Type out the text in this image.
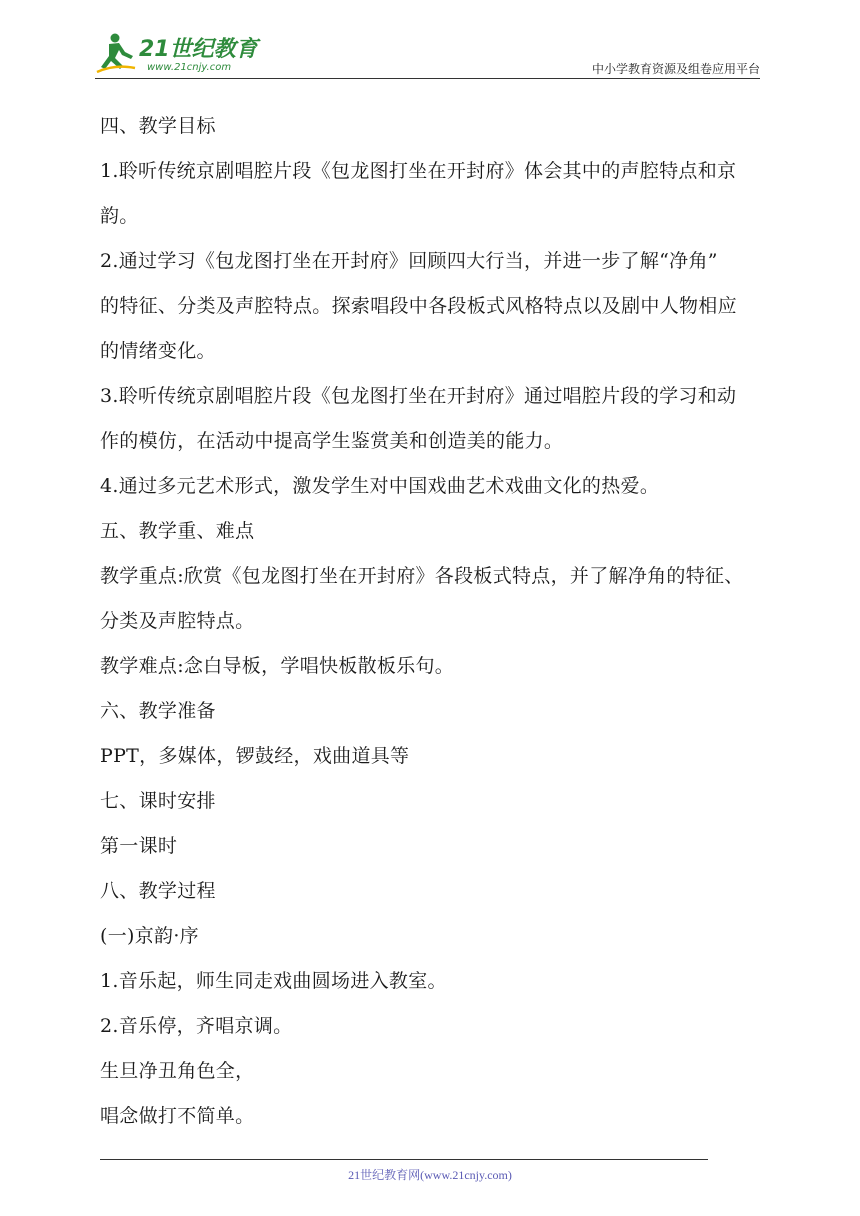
21世纪教育
www.21cnjy.com	中小学教育资源及组卷应用平台
四、教学目标
1.聆听传统京剧唱腔片段《包龙图打坐在开封府》体会其中的声腔特点和京
韵。
2.通过学习《包龙图打坐在开封府》回顾四大行当，并进一步了解“净角”
的特征、分类及声腔特点。探索唱段中各段板式风格特点以及剧中人物相应
的情绪变化。
3.聆听传统京剧唱腔片段《包龙图打坐在开封府》通过唱腔片段的学习和动
作的模仿，在活动中提高学生鉴赏美和创造美的能力。
4.通过多元艺术形式，激发学生对中国戏曲艺术戏曲文化的热爱。
五、教学重、难点
教学重点:欣赏《包龙图打坐在开封府》各段板式特点，并了解净角的特征、
分类及声腔特点。
教学难点:念白导板，学唱快板散板乐句。
六、教学准备
PPT，多媒体，锣鼓经，戏曲道具等
七、课时安排
第一课时
八、教学过程
(一)京韵·序
1.音乐起，师生同走戏曲圆场进入教室。
2.音乐停，齐唱京调。
生旦净丑角色全，
唱念做打不简单。
21世纪教育网(www.21cnjy.com)
